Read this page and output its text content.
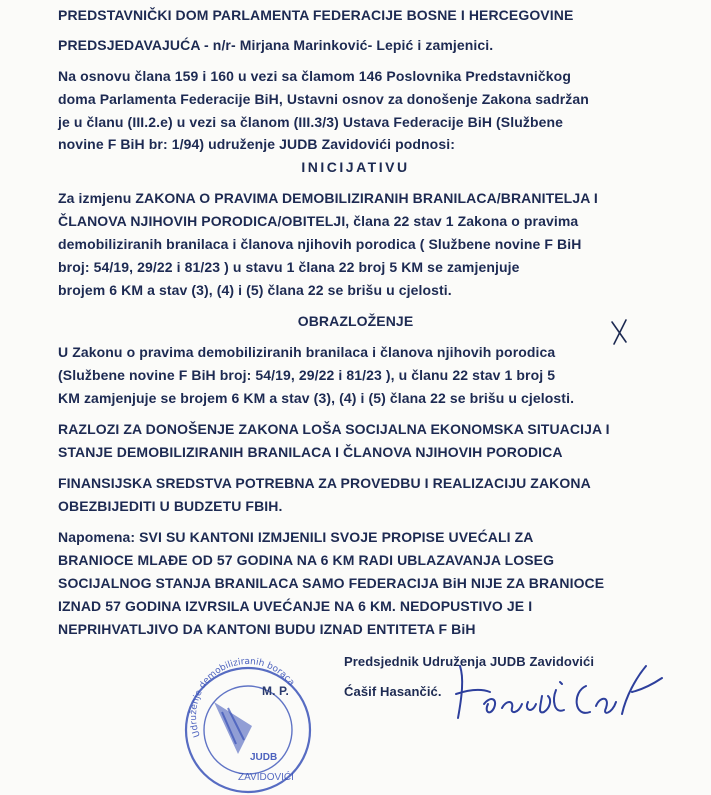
PREDSTAVNIČKI DOM PARLAMENTA FEDERACIJE BOSNE I HERCEGOVINE

PREDSJEDAVAJUĆA - n/r- Mirjana Marinković- Lepić i zamjenici.

Na osnovu člana 159 i 160 u vezi sa člamom 146 Poslovnika Predstavničkog

doma Parlamenta Federacije BiH, Ustavni osnov za donošenje Zakona sadržan

je u članu (III.2.e) u vezi sa članom (III.3/3) Ustava Federacije BiH (Službene

novine F BiH br: 1/94) udruženje JUDB Zavidovići podnosi:

INICIJATIVU

Za izmjenu ZAKONA O PRAVIMA DEMOBILIZIRANIH BRANILACA/BRANITELJA I

ČLANOVA NJIHOVIH PORODICA/OBITELJI, člana 22 stav 1 Zakona o pravima

demobiliziranih branilaca i članova njihovih porodica ( Službene novine F BiH

broj: 54/19, 29/22 i 81/23 ) u stavu 1 člana 22 broj 5 KM se zamjenjuje

brojem 6 KM a stav (3), (4) i (5) člana 22 se brišu u cjelosti.

OBRAZLOŽENJE

U Zakonu o pravima demobiliziranih branilaca i članova njihovih porodica

(Službene novine F BiH broj: 54/19, 29/22 i 81/23 ), u članu 22 stav 1 broj 5

KM zamjenjuje se brojem 6 KM a stav (3), (4) i (5) člana 22 se brišu u cjelosti.

RAZLOZI ZA DONOŠENJE ZAKONA LOŠA SOCIJALNA EKONOMSKA SITUACIJA I

STANJE DEMOBILIZIRANIH BRANILACA I ČLANOVA NJIHOVIH PORODICA

FINANSIJSKA SREDSTVA POTREBNA ZA PROVEDBU I REALIZACIJU ZAKONA

OBEZBIJEDITI U BUDZETU FBIH.

Napomena: SVI SU KANTONI IZMJENILI SVOJE PROPISE UVEĆALI ZA

BRANIOCE MLAĐE OD 57 GODINA NA 6 KM RADI UBLAZAVANJA LOSEG

SOCIJALNOG STANJA BRANILACA SAMO FEDERACIJA BiH NIJE ZA BRANIOCE

IZNAD 57 GODINA IZVRSILA UVEĆANJE NA 6 KM. NEDOPUSTIVO JE I

NEPRIHVATLJIVO DA KANTONI BUDU IZNAD ENTITETA F BiH

Predsjednik Udruženja JUDB Zavidovići

Ćašif Hasančić.

Udruženje demobiliziranih boraca
JUDB
ZAVIDOVIĆI

M. P.
